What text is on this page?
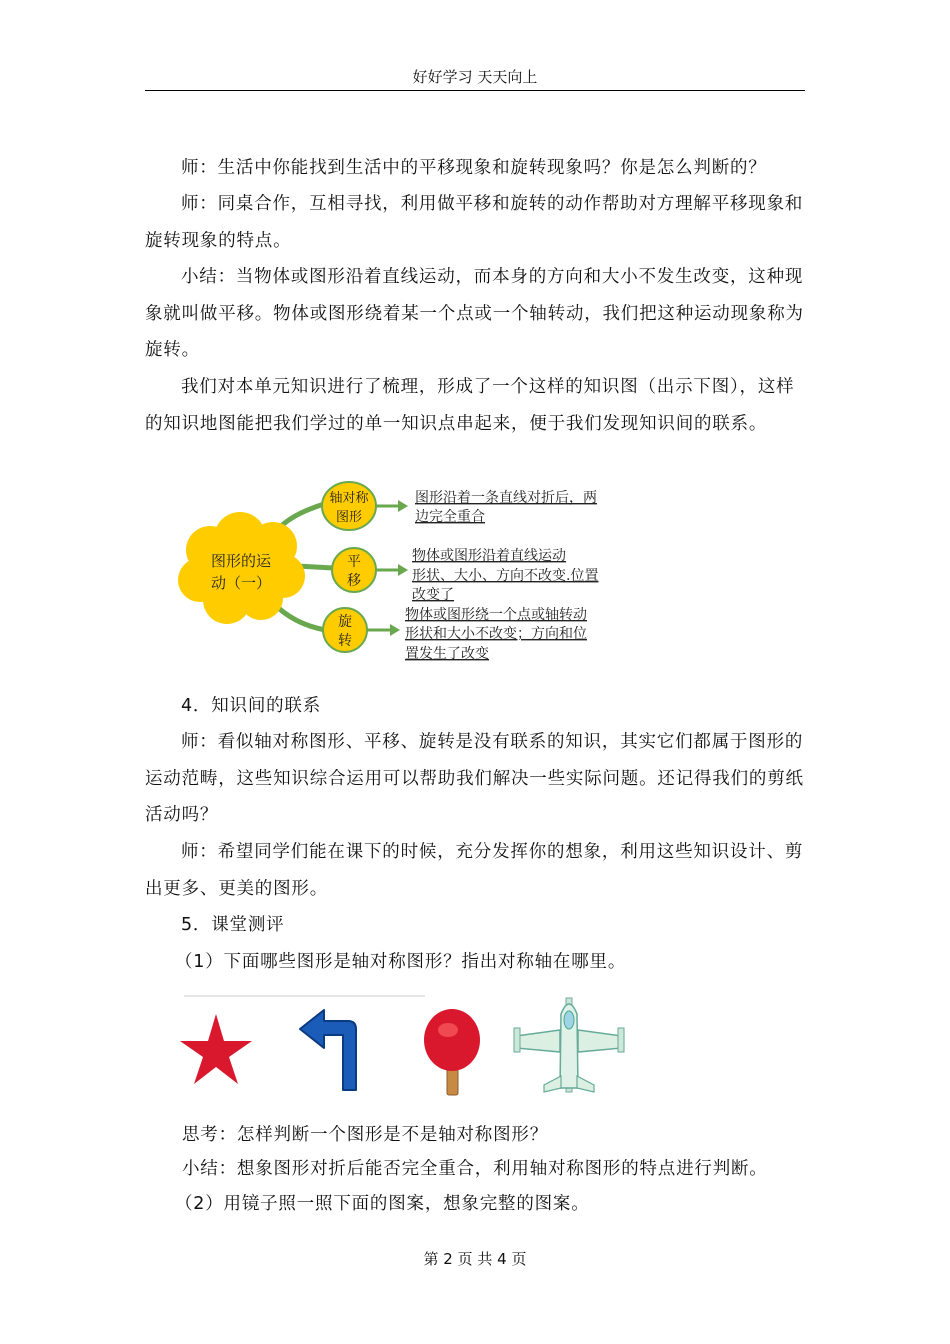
好好学习 天天向上

师：生活中你能找到生活中的平移现象和旋转现象吗？你是怎么判断的？

师：同桌合作，互相寻找，利用做平移和旋转的动作帮助对方理解平移现象和旋转现象的特点。

小结：当物体或图形沿着直线运动，而本身的方向和大小不发生改变，这种现象就叫做平移。物体或图形绕着某一个点或一个轴转动，我们把这种运动现象称为旋转。

我们对本单元知识进行了梳理，形成了一个这样的知识图（出示下图），这样的知识地图能把我们学过的单一知识点串起来，便于我们发现知识间的联系。

图形的运
动（一）
轴对称
图形
平
移
旋
转
图形沿着一条直线对折后，两
边完全重合
物体或图形沿着直线运动
形状、大小、方向不改变.位置
改变了
物体或图形绕一个点或轴转动
形状和大小不改变；方向和位
置发生了改变

4．知识间的联系

师：看似轴对称图形、平移、旋转是没有联系的知识，其实它们都属于图形的运动范畴，这些知识综合运用可以帮助我们解决一些实际问题。还记得我们的剪纸活动吗？

师：希望同学们能在课下的时候，充分发挥你的想象，利用这些知识设计、剪出更多、更美的图形。

5．课堂测评

（1）下面哪些图形是轴对称图形？指出对称轴在哪里。

思考：怎样判断一个图形是不是轴对称图形？

小结：想象图形对折后能否完全重合，利用轴对称图形的特点进行判断。

（2）用镜子照一照下面的图案，想象完整的图案。

第 2 页 共 4 页
